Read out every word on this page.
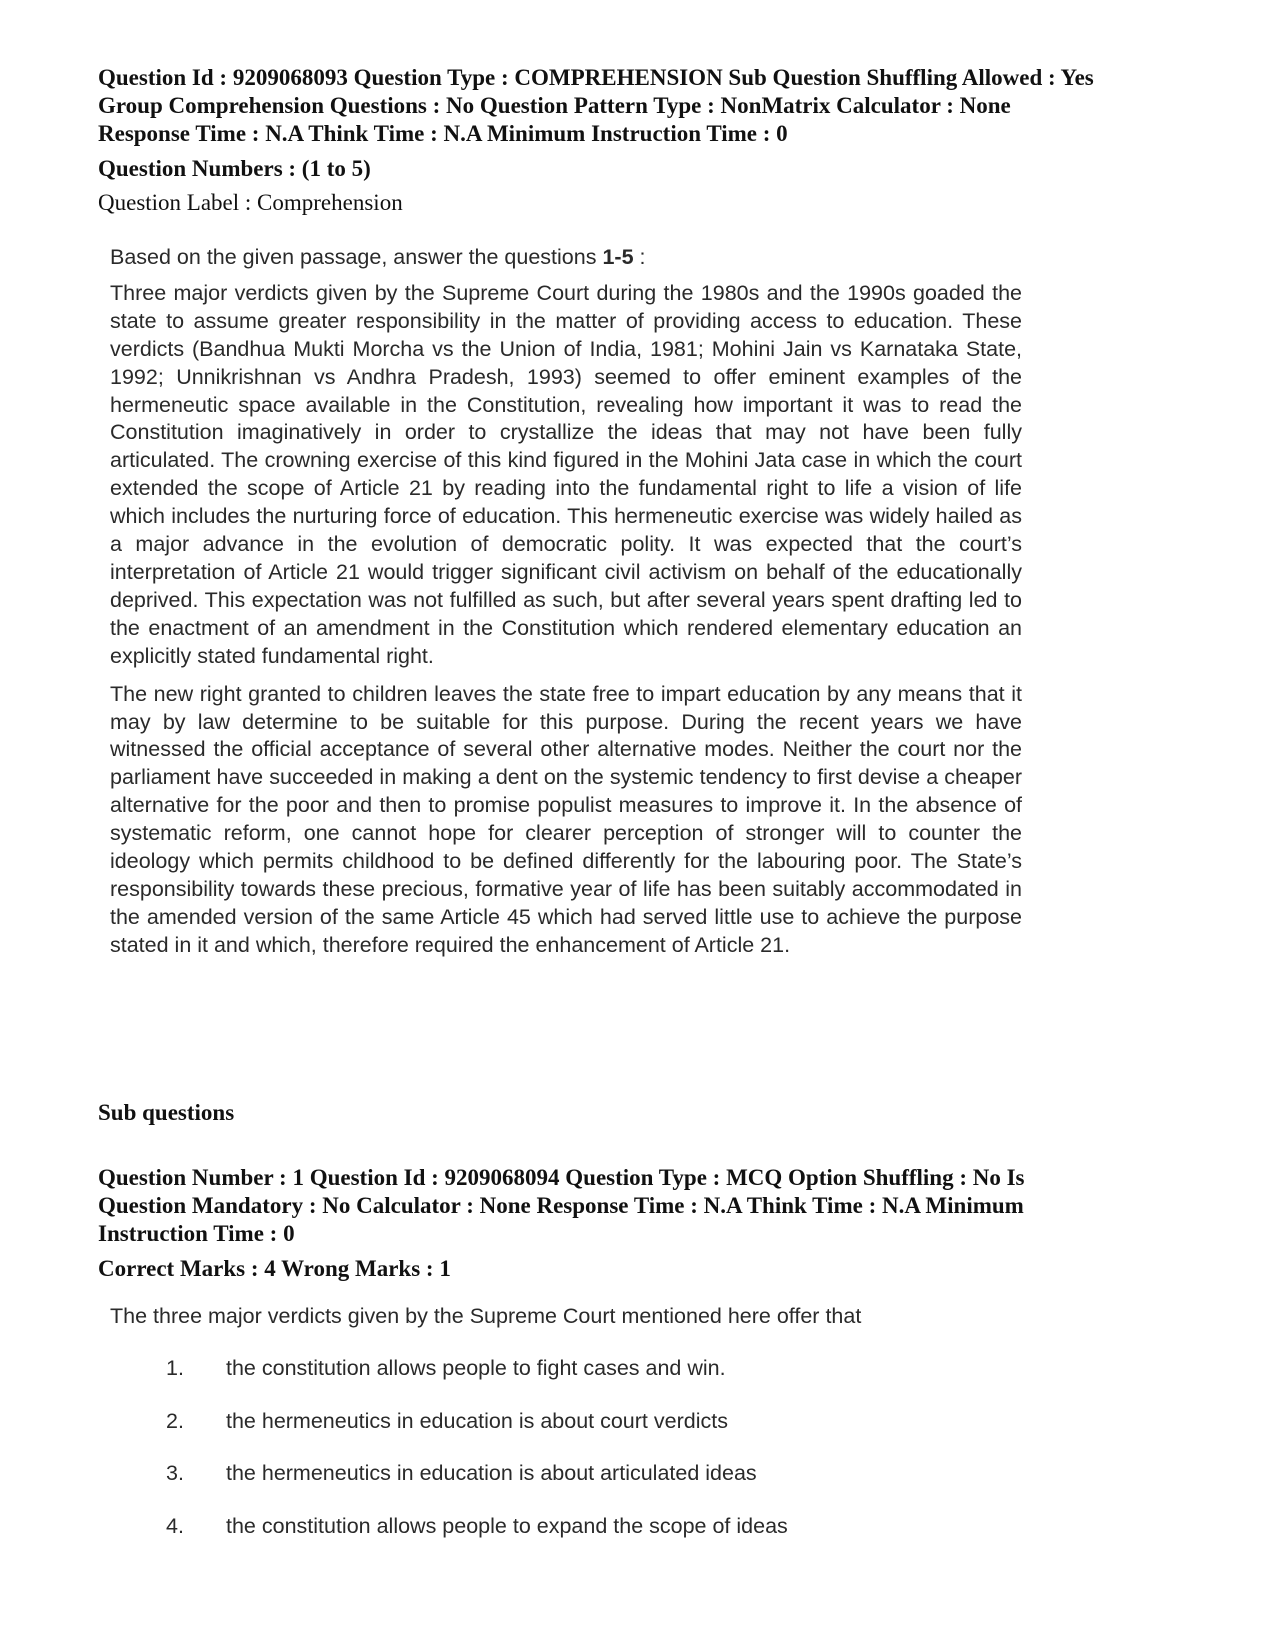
Question Id : 9209068093 Question Type : COMPREHENSION Sub Question Shuffling Allowed : Yes
Group Comprehension Questions : No Question Pattern Type : NonMatrix Calculator : None
Response Time : N.A Think Time : N.A Minimum Instruction Time : 0
Question Numbers : (1 to 5)
Question Label : Comprehension
Based on the given passage, answer the questions 1-5 :

Three major verdicts given by the Supreme Court during the 1980s and the 1990s goaded the state to assume greater responsibility in the matter of providing access to education. These verdicts (Bandhua Mukti Morcha vs the Union of India, 1981; Mohini Jain vs Karnataka State, 1992; Unnikrishnan vs Andhra Pradesh, 1993) seemed to offer eminent examples of the hermeneutic space available in the Constitution, revealing how important it was to read the Constitution imaginatively in order to crystallize the ideas that may not have been fully articulated. The crowning exercise of this kind figured in the Mohini Jata case in which the court extended the scope of Article 21 by reading into the fundamental right to life a vision of life which includes the nurturing force of education. This hermeneutic exercise was widely hailed as a major advance in the evolution of democratic polity. It was expected that the court’s interpretation of Article 21 would trigger significant civil activism on behalf of the educationally deprived. This expectation was not fulfilled as such, but after several years spent drafting led to the enactment of an amendment in the Constitution which rendered elementary education an explicitly stated fundamental right.

The new right granted to children leaves the state free to impart education by any means that it may by law determine to be suitable for this purpose. During the recent years we have witnessed the official acceptance of several other alternative modes. Neither the court nor the parliament have succeeded in making a dent on the systemic tendency to first devise a cheaper alternative for the poor and then to promise populist measures to improve it. In the absence of systematic reform, one cannot hope for clearer perception of stronger will to counter the ideology which permits childhood to be defined differently for the labouring poor. The State’s responsibility towards these precious, formative year of life has been suitably accommodated in the amended version of the same Article 45 which had served little use to achieve the purpose stated in it and which, therefore required the enhancement of Article 21.

Sub questions
Question Number : 1 Question Id : 9209068094 Question Type : MCQ Option Shuffling : No Is
Question Mandatory : No Calculator : None Response Time : N.A Think Time : N.A Minimum
Instruction Time : 0
Correct Marks : 4 Wrong Marks : 1
The three major verdicts given by the Supreme Court mentioned here offer that
1.	the constitution allows people to fight cases and win.
2.	the hermeneutics in education is about court verdicts
3.	the hermeneutics in education is about articulated ideas
4.	the constitution allows people to expand the scope of ideas
